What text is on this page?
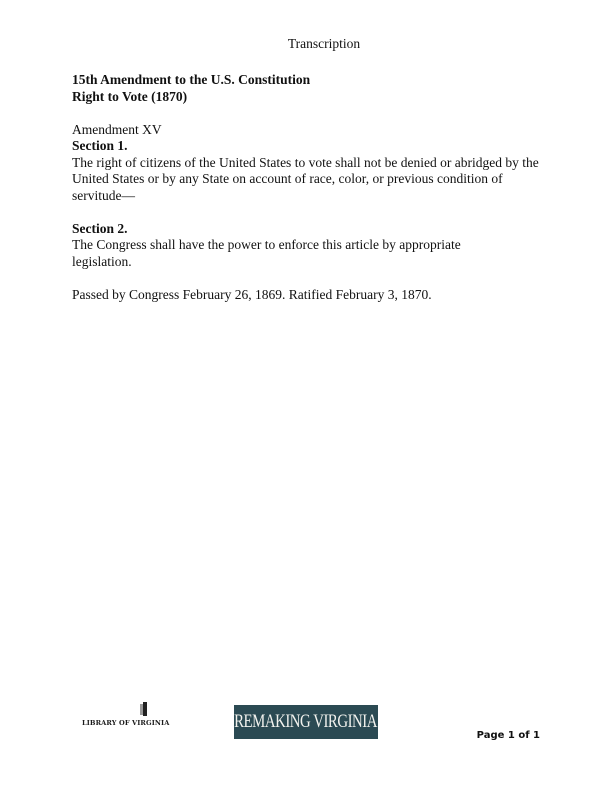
Transcription

15th Amendment to the U.S. Constitution

Right to Vote (1870)

Amendment XV

Section 1.

The right of citizens of the United States to vote shall not be denied or abridged by the United States or by any State on account of race, color, or previous condition of servitude—

Section 2.

The Congress shall have the power to enforce this article by appropriate legislation.

Passed by Congress February 26, 1869. Ratified February 3, 1870.

LIBRARY OF VIRGINIA	REMAKING VIRGINIA
Page 1 of 1
